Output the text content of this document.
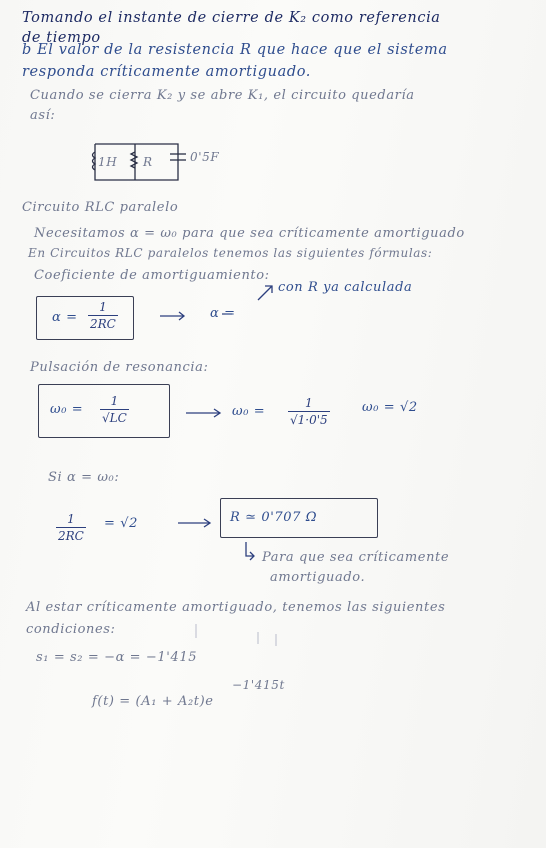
Tomando el instante de cierre de K₂ como referencia
de tiempo
b El valor de la resistencia R que hace que el sistema
responda críticamente amortiguado.
Cuando se cierra K₂ y se abre K₁, el circuito quedaría
así:
1H R	0'5F
Circuito RLC paralelo
Necesitamos α = ω₀ para que sea críticamente amortiguado
En Circuitos RLC paralelos tenemos las siguientes fórmulas:
Coeficiente de amortiguamiento:
con R ya calculada
α =
1
2RC
α =
Pulsación de resonancia:
ω₀ =
1
√LC	ω₀ =
1
√1·0'5
ω₀ = √2
Si α = ω₀:
1
2RC
= √2	R ≃ 0'707 Ω
Para que sea críticamente
amortiguado.
Al estar críticamente amortiguado, tenemos las siguientes
condiciones:
s₁ = s₂ = −α = −1'415
f(t) = (A₁ + A₂t)e
−1'415t
